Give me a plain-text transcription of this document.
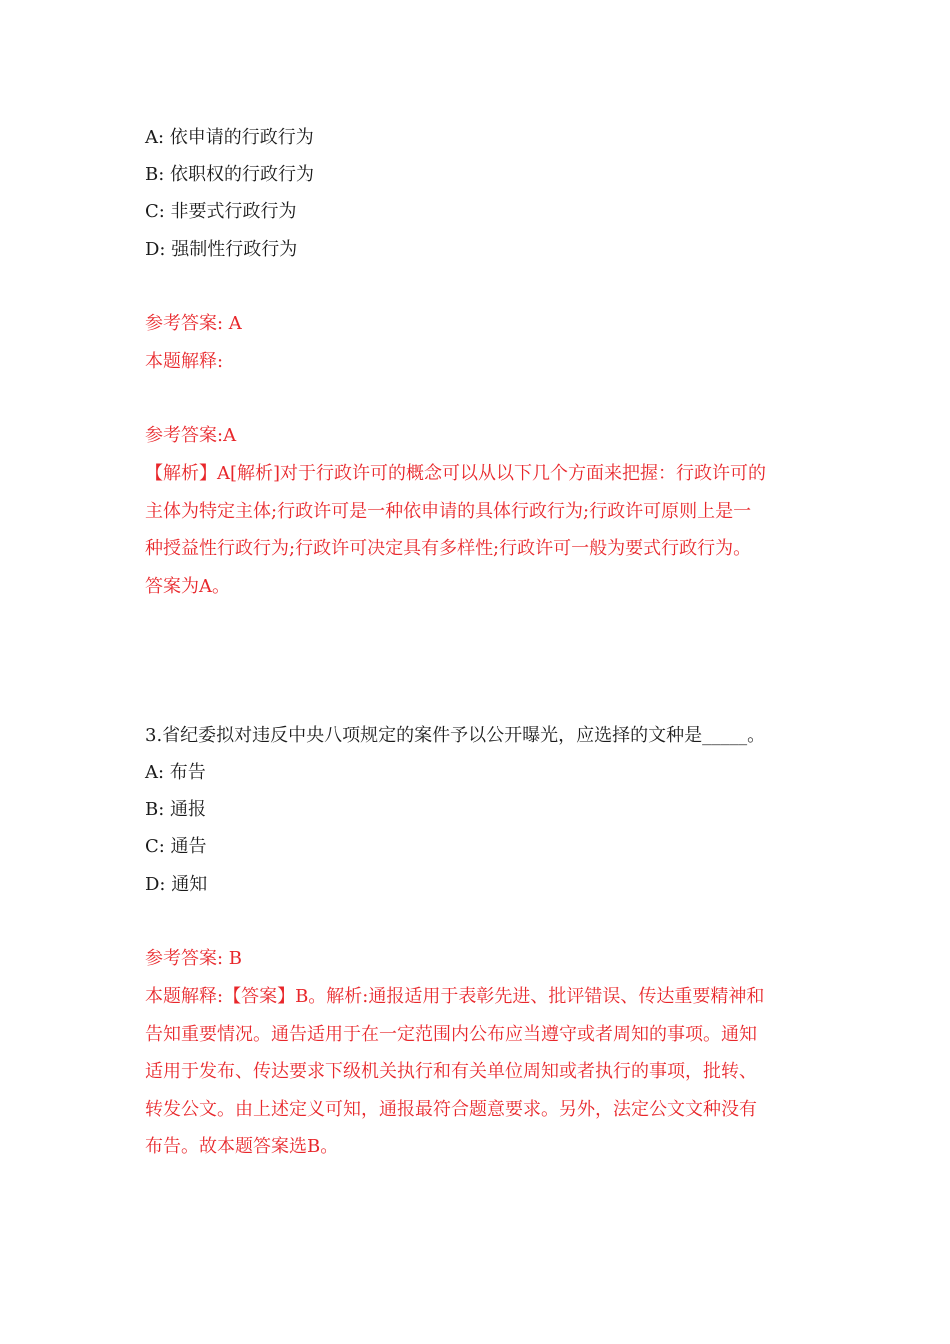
A: 依申请的行政行为
B: 依职权的行政行为
C: 非要式行政行为
D: 强制性行政行为
参考答案: A
本题解释:
参考答案:A
【解析】A[解析]对于行政许可的概念可以从以下几个方面来把握：行政许可的
主体为特定主体;行政许可是一种依申请的具体行政行为;行政许可原则上是一
种授益性行政行为;行政许可决定具有多样性;行政许可一般为要式行政行为。
答案为A。
3.省纪委拟对违反中央八项规定的案件予以公开曝光，应选择的文种是_____。
A: 布告
B: 通报
C: 通告
D: 通知
参考答案: B
本题解释:【答案】B。解析:通报适用于表彰先进、批评错误、传达重要精神和
告知重要情况。通告适用于在一定范围内公布应当遵守或者周知的事项。通知
适用于发布、传达要求下级机关执行和有关单位周知或者执行的事项，批转、
转发公文。由上述定义可知，通报最符合题意要求。另外，法定公文文种没有
布告。故本题答案选B。
